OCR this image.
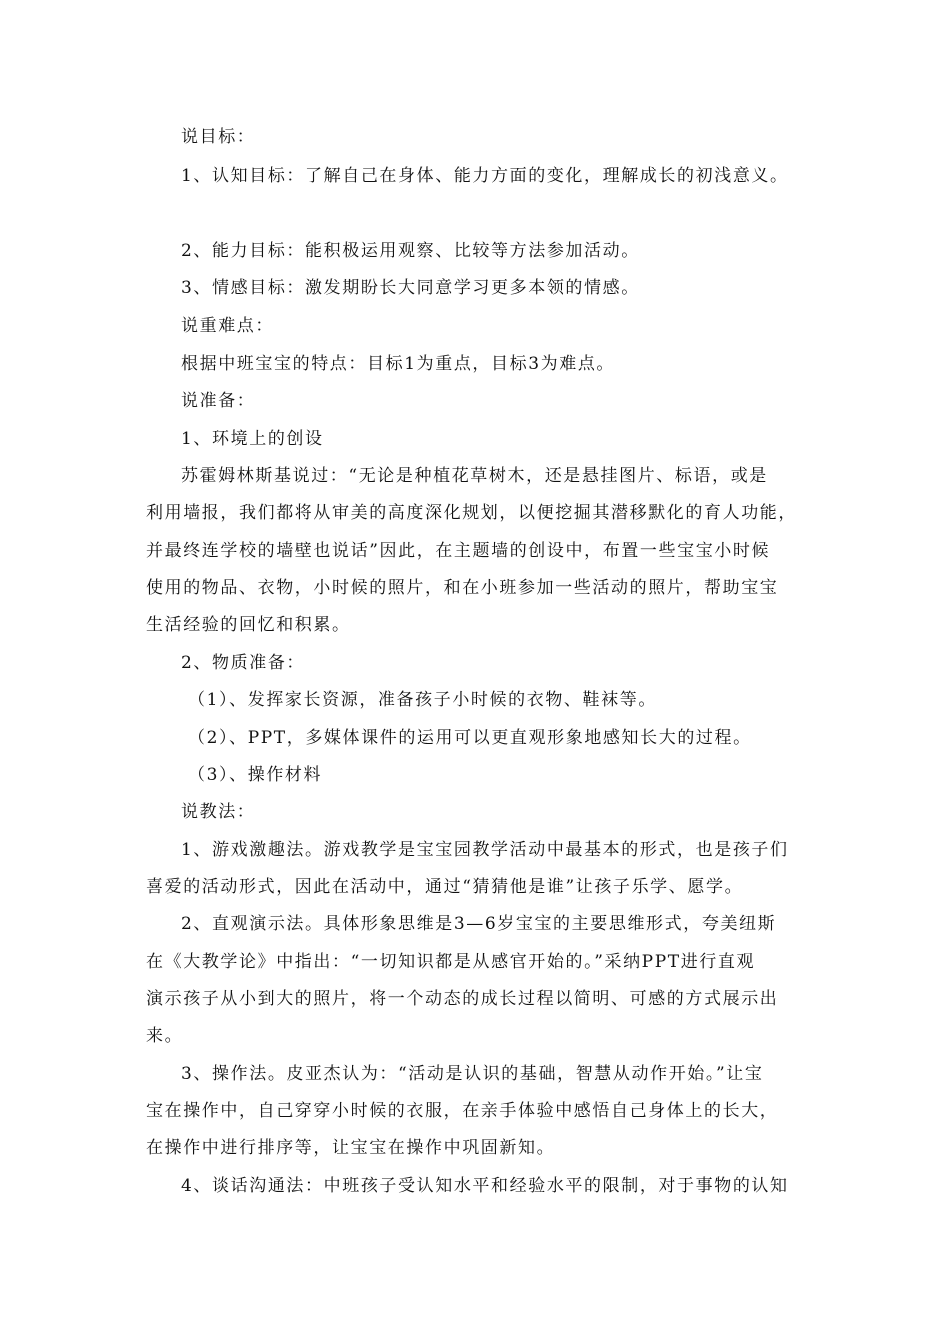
说目标：
1、认知目标：了解自己在身体、能力方面的变化，理解成长的初浅意义。
2、能力目标：能积极运用观察、比较等方法参加活动。
3、情感目标：激发期盼长大同意学习更多本领的情感。
说重难点：
根据中班宝宝的特点：目标1为重点，目标3为难点。
说准备：
1、环境上的创设
苏霍姆林斯基说过：“无论是种植花草树木，还是悬挂图片、标语，或是
利用墙报，我们都将从审美的高度深化规划，以便挖掘其潜移默化的育人功能，
并最终连学校的墙壁也说话”因此，在主题墙的创设中，布置一些宝宝小时候
使用的物品、衣物，小时候的照片，和在小班参加一些活动的照片，帮助宝宝
生活经验的回忆和积累。
2、物质准备：
（1）、发挥家长资源，准备孩子小时候的衣物、鞋袜等。
（2）、PPT，多媒体课件的运用可以更直观形象地感知长大的过程。
（3）、操作材料
说教法：
1、游戏激趣法。游戏教学是宝宝园教学活动中最基本的形式，也是孩子们
喜爱的活动形式，因此在活动中，通过“猜猜他是谁”让孩子乐学、愿学。
2、直观演示法。具体形象思维是3—6岁宝宝的主要思维形式，夸美纽斯
在《大教学论》中指出：“一切知识都是从感官开始的。”采纳PPT进行直观
演示孩子从小到大的照片，将一个动态的成长过程以简明、可感的方式展示出
来。
3、操作法。皮亚杰认为：“活动是认识的基础，智慧从动作开始。”让宝
宝在操作中，自己穿穿小时候的衣服，在亲手体验中感悟自己身体上的长大，
在操作中进行排序等，让宝宝在操作中巩固新知。
4、谈话沟通法：中班孩子受认知水平和经验水平的限制，对于事物的认知
